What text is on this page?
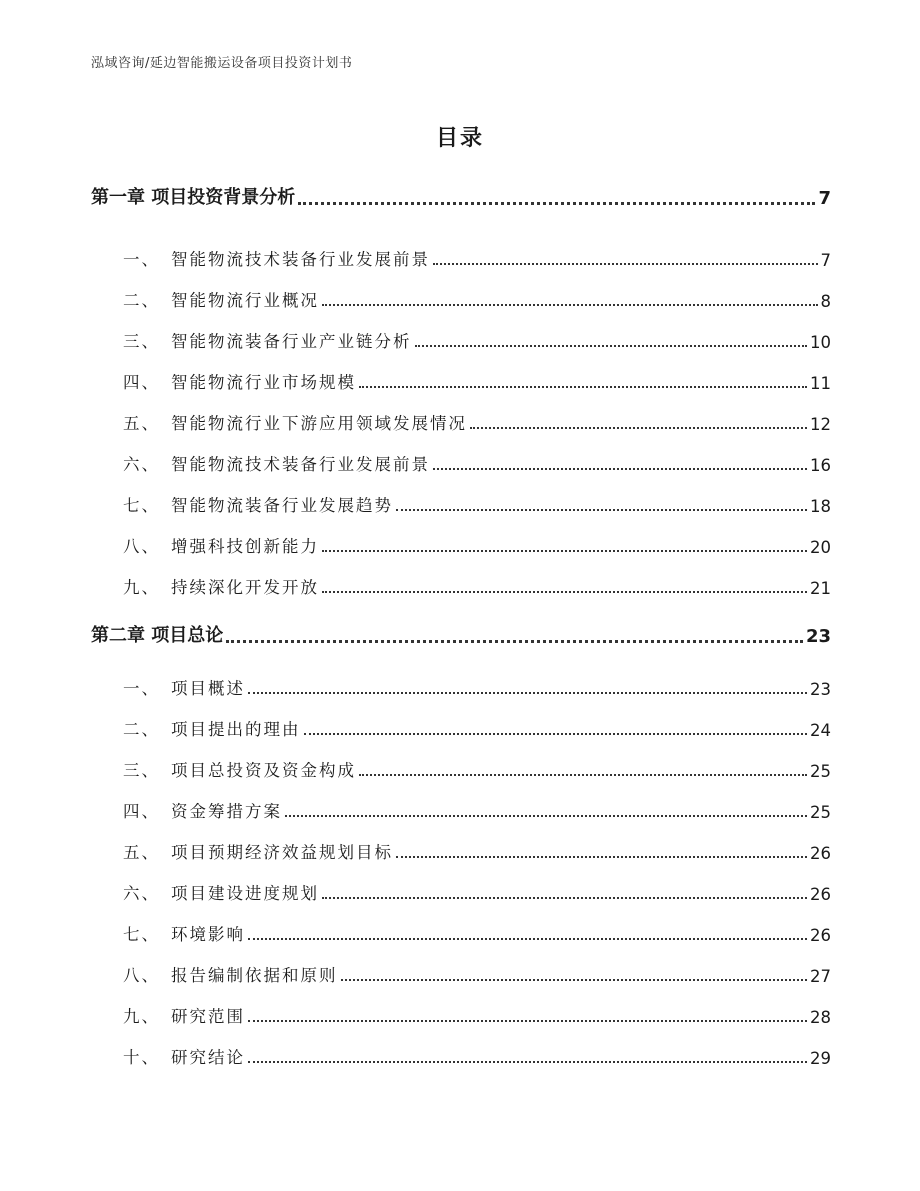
泓域咨询/延边智能搬运设备项目投资计划书
目录
第一章 项目投资背景分析	7
一、 智能物流技术装备行业发展前景	7
二、 智能物流行业概况	8
三、 智能物流装备行业产业链分析	10
四、 智能物流行业市场规模	11
五、 智能物流行业下游应用领域发展情况	12
六、 智能物流技术装备行业发展前景	16
七、 智能物流装备行业发展趋势	18
八、 增强科技创新能力	20
九、 持续深化开发开放	21
第二章 项目总论	23
一、 项目概述	23
二、 项目提出的理由	24
三、 项目总投资及资金构成	25
四、 资金筹措方案	25
五、 项目预期经济效益规划目标	26
六、 项目建设进度规划	26
七、 环境影响	26
八、 报告编制依据和原则	27
九、 研究范围	28
十、 研究结论	29
